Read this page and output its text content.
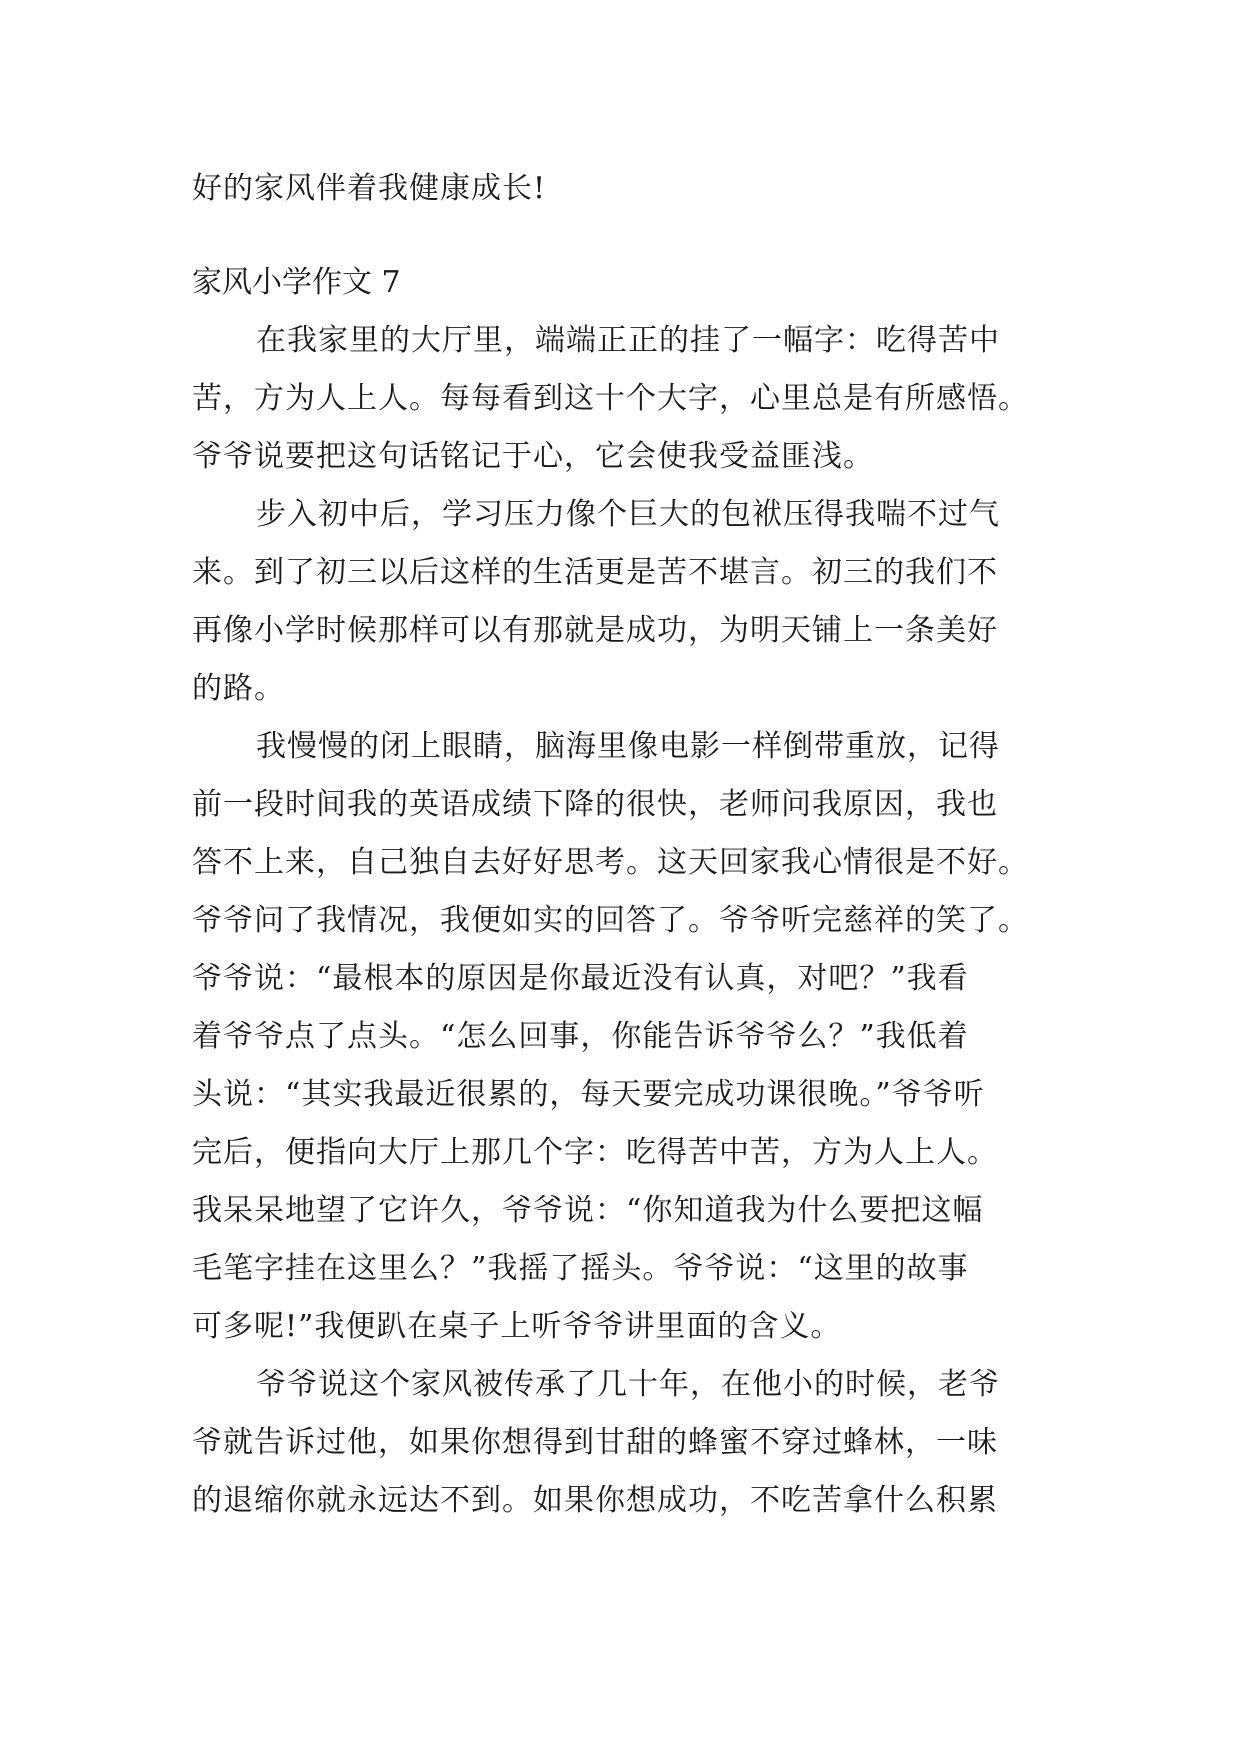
好的家风伴着我健康成长!
家风小学作文 7
在我家里的大厅里，端端正正的挂了一幅字：吃得苦中
苦，方为人上人。每每看到这十个大字，心里总是有所感悟。
爷爷说要把这句话铭记于心，它会使我受益匪浅。
步入初中后，学习压力像个巨大的包袱压得我喘不过气
来。到了初三以后这样的生活更是苦不堪言。初三的我们不
再像小学时候那样可以有那就是成功，为明天铺上一条美好
的路。
我慢慢的闭上眼睛，脑海里像电影一样倒带重放，记得
前一段时间我的英语成绩下降的很快，老师问我原因，我也
答不上来，自己独自去好好思考。这天回家我心情很是不好。
爷爷问了我情况，我便如实的回答了。爷爷听完慈祥的笑了。
爷爷说：“最根本的原因是你最近没有认真，对吧？”我看
着爷爷点了点头。“怎么回事，你能告诉爷爷么？”我低着
头说：“其实我最近很累的，每天要完成功课很晚。”爷爷听
完后，便指向大厅上那几个字：吃得苦中苦，方为人上人。
我呆呆地望了它许久，爷爷说：“你知道我为什么要把这幅
毛笔字挂在这里么？”我摇了摇头。爷爷说：“这里的故事
可多呢!”我便趴在桌子上听爷爷讲里面的含义。
爷爷说这个家风被传承了几十年，在他小的时候，老爷
爷就告诉过他，如果你想得到甘甜的蜂蜜不穿过蜂林，一味
的退缩你就永远达不到。如果你想成功，不吃苦拿什么积累
